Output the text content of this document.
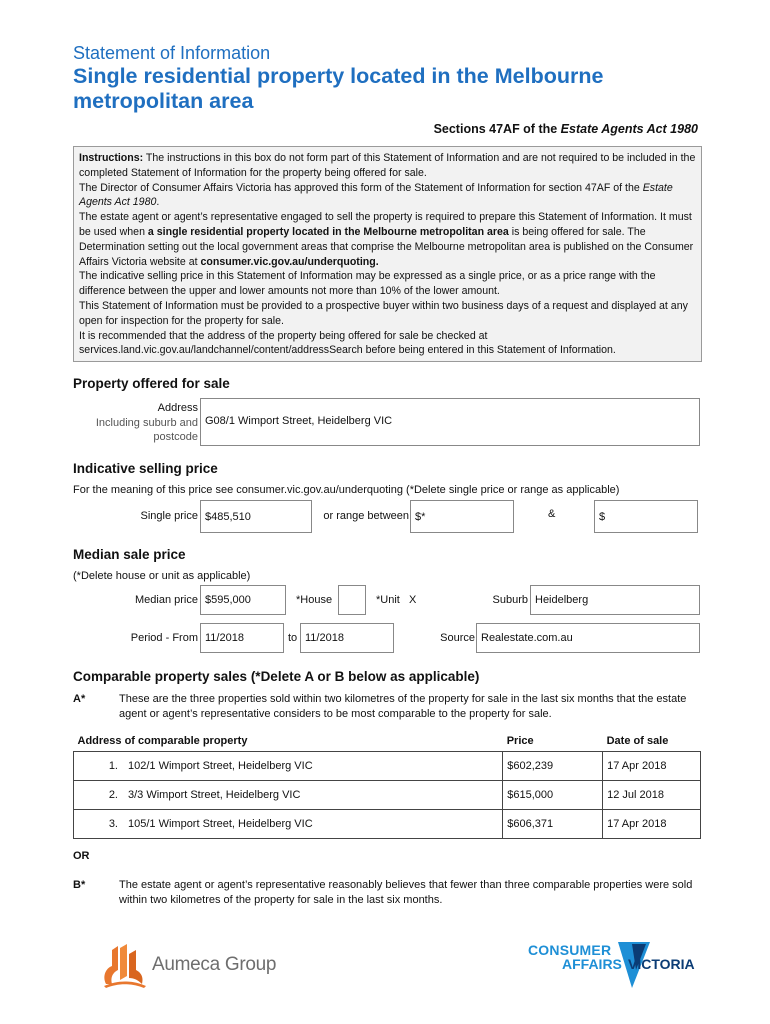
Statement of Information
Single residential property located in the Melbourne
metropolitan area
Sections 47AF of the Estate Agents Act 1980

Instructions: The instructions in this box do not form part of this Statement of Information and are not required to be included in the completed Statement of Information for the property being offered for sale.

The Director of Consumer Affairs Victoria has approved this form of the Statement of Information for section 47AF of the Estate Agents Act 1980.

The estate agent or agent’s representative engaged to sell the property is required to prepare this Statement of Information. It must be used when a single residential property located in the Melbourne metropolitan area is being offered for sale. The Determination setting out the local government areas that comprise the Melbourne metropolitan area is published on the Consumer Affairs Victoria website at consumer.vic.gov.au/underquoting.

The indicative selling price in this Statement of Information may be expressed as a single price, or as a price range with the difference between the upper and lower amounts not more than 10% of the lower amount.

This Statement of Information must be provided to a prospective buyer within two business days of a request and displayed at any open for inspection for the property for sale.

It is recommended that the address of the property being offered for sale be checked at services.land.vic.gov.au/landchannel/content/addressSearch before being entered in this Statement of Information.

Property offered for sale
Address
Including suburb and
postcode
G08/1 Wimport Street, Heidelberg VIC
Indicative selling price
For the meaning of this price see consumer.vic.gov.au/underquoting (*Delete single price or range as applicable)
Single price $485,510	or range between $*	&	$
Median sale price
(*Delete house or unit as applicable)
Median price $595,000	*House	*Unit X	Suburb Heidelberg
Period - From 11/2018	to 11/2018	Source Realestate.com.au
Comparable property sales (*Delete A or B below as applicable)
A*	These are the three properties sold within two kilometres of the property for sale in the last six months that the estate agent or agent’s representative considers to be most comparable to the property for sale.
Address of comparable property	Price	Date of sale
1. 102/1 Wimport Street, Heidelberg VIC	$602,239	17 Apr 2018
2. 3/3 Wimport Street, Heidelberg VIC	$615,000	12 Jul 2018
3. 105/1 Wimport Street, Heidelberg VIC	$606,371	17 Apr 2018
OR
B*	The estate agent or agent’s representative reasonably believes that fewer than three comparable properties were sold within two kilometres of the property for sale in the last six months.
Aumeca Group
CONSUMER
AFFAIRS VICTORIA
